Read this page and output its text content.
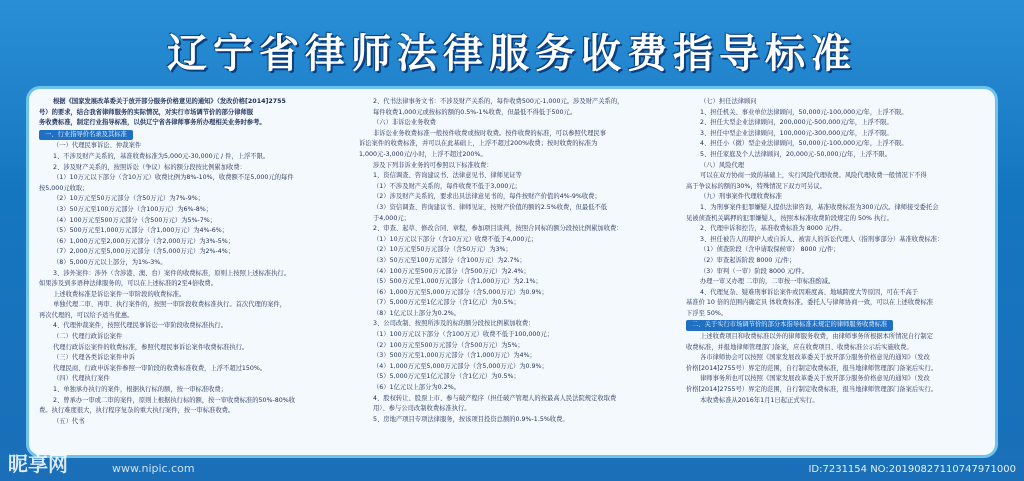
辽宁省律师法律服务收费指导标准

根据《国家发展改革委关于放开部分服务价格意见的通知》（发改价格[2014]2755

号）的要求，结合我省律师服务的实际情况，对实行市场调节价的部分律师服

务收费标准，制定行业指导标准，以供辽宁省各律师事务所办理相关业务时参考。

一、行业指导价名录及其标准

（一）代理民事诉讼、仲裁案件

1、不涉及财产关系的，基准收费标准为5,000元-30,000元 / 件，上浮不限。

2、涉及财产关系的，按照诉讼（争议）标的额分段按比例累加收费：

（1）10万元以下部分（含10万元）收费比例为8%-10%，收费额不足5,000元的每件

按5,000元收取；

（2）10万元至50万元部分（含50万元）为7%-9%；

（3）50万元至100万元部分（含100万元）为6%-8%；

（4）100万元至500万元部分（含500万元）为5%-7%；

（5）500万元至1,000万元部分（含1,000万元）为4%-6%；

（6）1,000万元至2,000万元部分（含2,000万元）为3%-5%；

（7）2,000万元至5,000万元部分（含5,000万元）为2%-4%；

（8）5,000万元以上部分，为1%-3%。

3、涉外案件：涉外（含涉港、澳、台）案件的收费标准，原则上按照上述标准执行。

如果涉及到多语种法律服务的，可以在上述标准的2至4倍收费。

上述收费标准是诉讼案件一审阶段的收费标准。

单独代理二审、再审、执行案件的，按照一审阶段收费标准执行。首次代理的案件，

再次代理的，可以给予适当优惠。

4、代理仲裁案件，按照代理民事诉讼一审阶段收费标准执行。

（二）代理行政诉讼案件

代理行政诉讼案件的收费标准，参照代理民事诉讼案件收费标准执行。

（三）代理各类诉讼案件申诉

代理民商、行政申诉案件参照一审阶段的收费标准收费，上浮不超过150%。

（四）代理执行案件

1、单独承办执行的案件，根据执行标的额，按一审标准收费；

2、曾承办一审或二审的案件，原则上根据执行标的额，按一审收费标准的50%-80%收

费。执行难度很大，执行程序复杂的重大执行案件，按一审标准收费。

（五）代书

2、代书法律事务文书：不涉及财产关系的，每件收费500元-1,000元。涉及财产关系的，

每件收费1,000元或按标的额的0.5%-1%收费，但最低不得低于500元。

（六）非诉讼业务收费

非诉讼业务收费标准一般按件收费或按时收费。按件收费的标准，可以参照代理民事

诉讼案件的收费标准，并可以在此基础上，上浮不超过200%收费；按时收费的标准为

1,000元-3,000元/小时，上浮不超过200%。

涉及下列非诉业务的可参照以下标准收费：

1、资信调查、咨询建议书、法律意见书、律师见证等

（1）不涉及财产关系的，每件收费不低于3,000元；

（2）涉及财产关系的，要求出具法律意见书的，每件按财产价值的4%-9%收费；

（3）资信调查、咨询建议书、律师见证，按财产价值的额的2.5%收费，但最低不低

于4,000元；

2、审查、起草、修改合同、章程，参加项目谈判，按照合同标的额分段按比例累加收费：

（1）10万元以下部分（含10万元）收费不低于4,000元；

（2）10万元至50万元部分（含50万元）为3%；

（3）50万元至100万元部分（含100万元）为2.7%；

（4）100万元至500万元部分（含500万元）为2.4%；

（5）500万元至1,000万元部分（含1,000万元）为2.1%；

（6）1,000万元至5,000万元部分（含5,000万元）为0.9%；

（7）5,000万元至1亿元部分（含1亿元）为0.5%；

（8）1亿元以上部分为0.2%。

3、公司改制、按照所涉及的标的额分段按比例累加收费：

（1）100万元以下部分（含100万元）收费不低于100,000元；

（2）100万元至500万元部分（含500万元）为5%；

（3）500万元至1,000万元部分（含1,000万元）为4%；

（4）1,000万元至5,000万元部分（含5,000万元）为0.9%；

（5）5,000万元至1亿元部分（含1亿元）为0.5%；

（6）1亿元以上部分为0.2%。

4、股权转让、股票上市、参与破产程序（担任破产管理人的按最高人民法院规定收取费

用）、参与公司改制收费标准执行。

5、房地产项目专项法律服务，按该项目投资总额的0.9%-1.5%收费。

（七）担任法律顾问

1、担任机关、事业单位法律顾问，50,000元-100,000元/年，上浮不限。

2、担任大型企业法律顾问，200,000元-500,000元/年，上浮不限。

3、担任中型企业法律顾问，100,000元-300,000元/年，上浮不限。

4、担任小（微）型企业法律顾问，50,000元-100,000元/年，上浮不限。

5、担任家庭及个人法律顾问，20,000元-50,000元/年，上浮不限。

（八）风险代理

可以在双方协商一致的基础上，实行风险代理收费。风险代理收费一般情况下不得

高于争议标的额的30%，特殊情况下双方可另议。

（九）刑事案件代理收费标准

1、为刑事案件犯罪嫌疑人提供法律咨询，基准收费标准为300元/次。律师接受委托会

见被侦查机关羁押的犯罪嫌疑人，按照本标准收费阶段规定的 50% 执行。

2、代理申诉和控告，基准收费标准为 8000 元/件。

3、担任被告人的辩护人或自诉人、被害人的诉讼代理人（指刑事部分）基准收费标准：

（1）侦查阶段（含申请取保候审） 8000 元/件；

（2）审查起诉阶段 8000 元/件；

（3）审判（一审）阶段 8000 元/件。

办理一审又办理 二审的，二审按一审标准酌减。

4、代理复杂、疑难刑事诉讼案件或因难度高、地域跨度大等原因，可在不高于

基准价 10 倍的范围内确定具 体收费标准。委托人与律师协商一致，可以在上述收费标准

下浮至 50%。

二、关于实行市场调节价的部分本指导标准未规定的律师服务收费标准

上述收费项目和收费标准以外的律师服务收费，由律师事务所根据本所情况自行制定

收费标准，并报地律师管理部门备案，应在收费项目、收费标准公示后实施收费。

各市律师协会可以按照《国家发展改革委关于放开部分服务价格意见的通知》（发改

价格[2014]2755号）界定的范围，自行制定收费标准，报当地律师管理部门备案后实行。

律师事务所也可以按照《国家发展改革委关于放开部分服务价格意见的通知》（发改

价格[2014]2755号）界定的范围，自行制定收费标准，报当地律师管理部门备案后实行。

本收费标准从2016年1月1日起正式实行。

昵享网	www.nipic.com	ID:7231154 NO:20190827110747971000
